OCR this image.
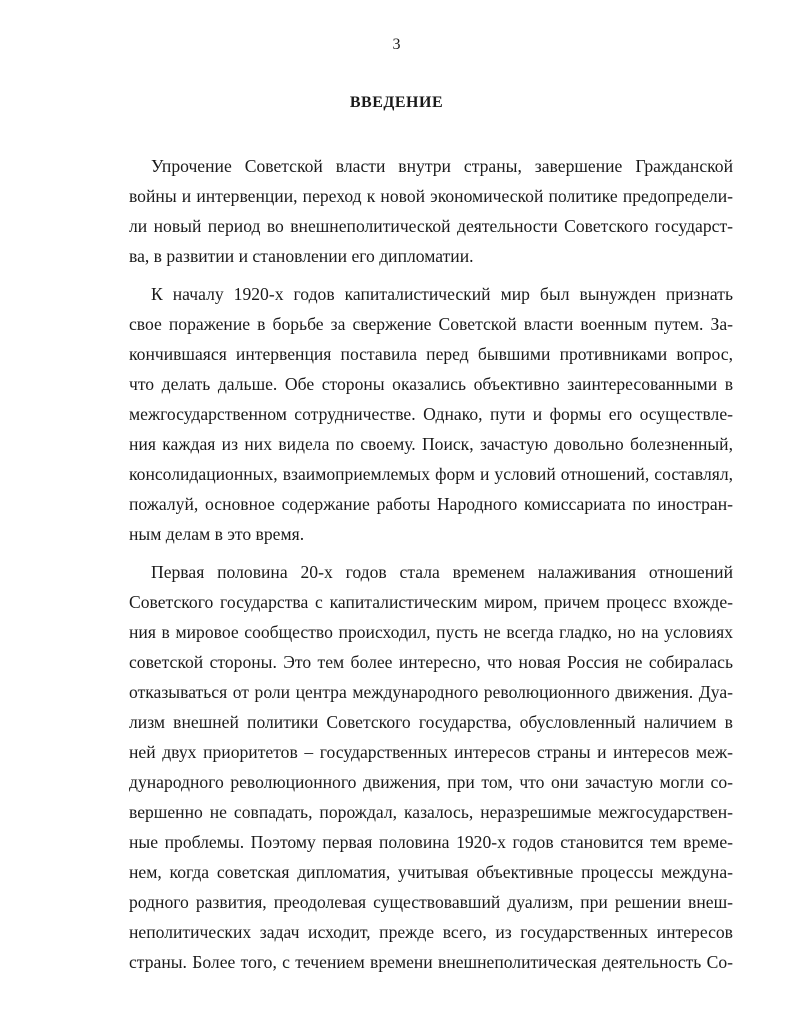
3
ВВЕДЕНИЕ
Упрочение Советской власти внутри страны, завершение Гражданской
войны и интервенции, переход к новой экономической политике предопредели-
ли новый период во внешнеполитической деятельности Советского государст-
ва, в развитии и становлении его дипломатии.
К началу 1920-х годов капиталистический мир был вынужден признать
свое поражение в борьбе за свержение Советской власти военным путем. За-
кончившаяся интервенция поставила перед бывшими противниками вопрос,
что делать дальше. Обе стороны оказались объективно заинтересованными в
межгосударственном сотрудничестве. Однако, пути и формы его осуществле-
ния каждая из них видела по своему. Поиск, зачастую довольно болезненный,
консолидационных, взаимоприемлемых форм и условий отношений, составлял,
пожалуй, основное содержание работы Народного комиссариата по иностран-
ным делам в это время.
Первая половина 20-х годов стала временем налаживания отношений
Советского государства с капиталистическим миром, причем процесс вхожде-
ния в мировое сообщество происходил, пусть не всегда гладко, но на условиях
советской стороны. Это тем более интересно, что новая Россия не собиралась
отказываться от роли центра международного революционного движения. Дуа-
лизм внешней политики Советского государства, обусловленный наличием в
ней двух приоритетов – государственных интересов страны и интересов меж-
дународного революционного движения, при том, что они зачастую могли со-
вершенно не совпадать, порождал, казалось, неразрешимые межгосударствен-
ные проблемы. Поэтому первая половина 1920-х годов становится тем време-
нем, когда советская дипломатия, учитывая объективные процессы междуна-
родного развития, преодолевая существовавший дуализм, при решении внеш-
неполитических задач исходит, прежде всего, из государственных интересов
страны. Более того, с течением времени внешнеполитическая деятельность Со-
